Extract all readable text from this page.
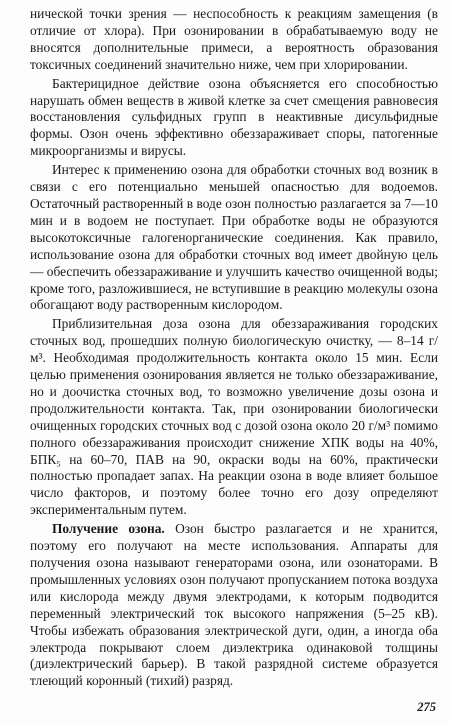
нической точки зрения — неспособность к реакциям замещения (в отличие от хлора). При озонировании в обрабатываемую воду не вносятся дополнительные примеси, а вероятность образования токсичных соединений значительно ниже, чем при хлорировании.

Бактерицидное действие озона объясняется его способностью нарушать обмен веществ в живой клетке за счет смещения равновесия восстановления сульфидных групп в неактивные дисульфидные формы. Озон очень эффективно обеззараживает споры, патогенные микроорганизмы и вирусы.

Интерес к применению озона для обработки сточных вод возник в связи с его потенциально меньшей опасностью для водоемов. Остаточный растворенный в воде озон полностью разлагается за 7—10 мин и в водоем не поступает. При обработке воды не образуются высокотоксичные галогенорганические соединения. Как правило, использование озона для обработки сточных вод имеет двойную цель — обеспечить обеззараживание и улучшить качество очищенной воды; кроме того, разложившиеся, не вступившие в реакцию молекулы озона обогащают воду растворенным кислородом.

Приблизительная доза озона для обеззараживания городских сточных вод, прошедших полную биологическую очистку, — 8–14 г/м³. Необходимая продолжительность контакта около 15 мин. Если целью применения озонирования является не только обеззараживание, но и доочистка сточных вод, то возможно увеличение дозы озона и продолжительности контакта. Так, при озонировании биологически очищенных городских сточных вод с дозой озона около 20 г/м³ помимо полного обеззараживания происходит снижение ХПК воды на 40%, БПК₅ на 60–70, ПАВ на 90, окраски воды на 60%, практически полностью пропадает запах. На реакции озона в воде влияет большое число факторов, и поэтому более точно его дозу определяют экспериментальным путем.

Получение озона. Озон быстро разлагается и не хранится, поэтому его получают на месте использования. Аппараты для получения озона называют генераторами озона, или озонаторами. В промышленных условиях озон получают пропусканием потока воздуха или кислорода между двумя электродами, к которым подводится переменный электрический ток высокого напряжения (5–25 кВ). Чтобы избежать образования электрической дуги, один, а иногда оба электрода покрывают слоем диэлектрика одинаковой толщины (диэлектрический барьер). В такой разрядной системе образуется тлеющий коронный (тихий) разряд.

275
